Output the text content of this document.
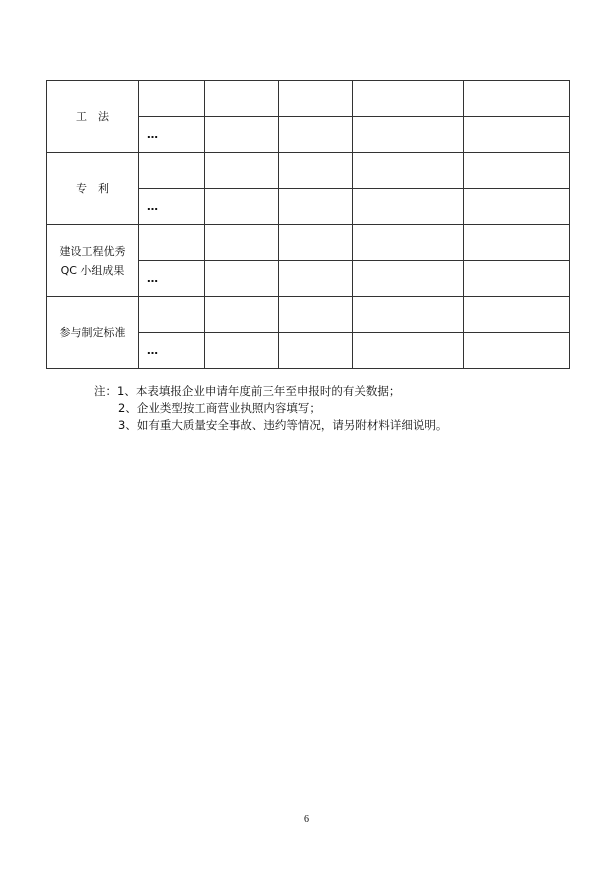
工　法					
	…				
专　利					
	…				

建设工程优秀
QC 小组成果					

	…				
参与制定标准					
	…				
注：1、本表填报企业申请年度前三年至申报时的有关数据；
2、企业类型按工商营业执照内容填写；
3、如有重大质量安全事故、违约等情况，请另附材料详细说明。
6
